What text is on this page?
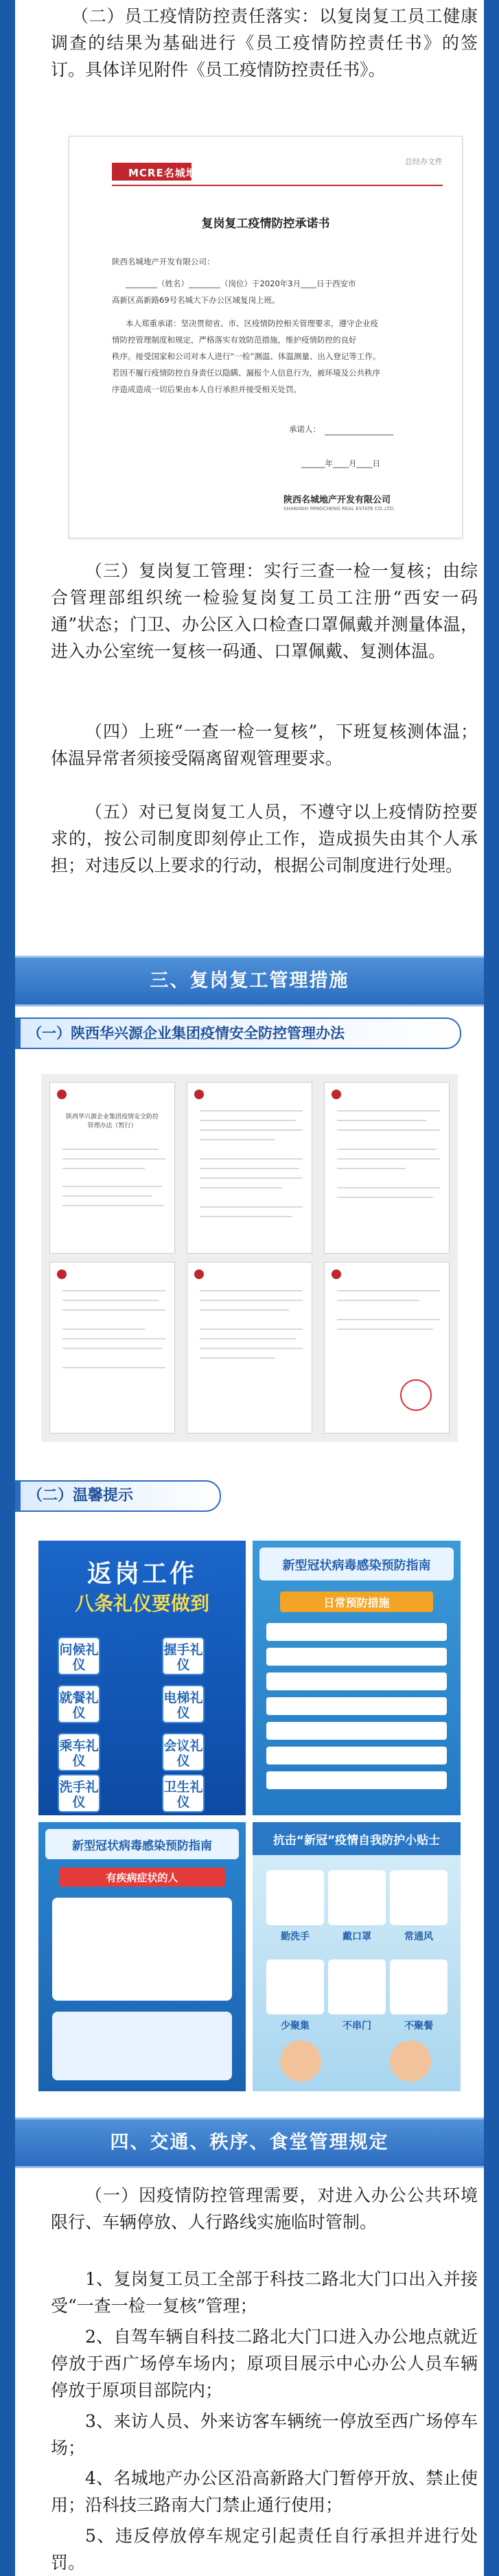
（二）员工疫情防控责任落实：以复岗复工员工健康调查的结果为基础进行《员工疫情防控责任书》的签订。具体详见附件《员工疫情防控责任书》。

总经办文件
MCRE名城地产
复岗复工疫情防控承诺书
陕西名城地产开发有限公司：
________（姓名）________（岗位）于2020年3月____日于西安市
高新区高新路69号名城大下办公区域复岗上班。
本人郑重承诺：坚决贯彻省、市、区疫情防控相关管理要求，遵守企业疫
情防控管理制度和规定，严格落实有效防范措施，维护疫情防控的良好
秩序。接受国家和公司对本人进行“一检”测温、体温测量、出入登记等工作。
若因不履行疫情防控自身责任以隐瞒、漏报个人信息行为，被环境及公共秩序
序造成造成一切后果由本人自行承担并接受相关处罚。
承诺人：
______年____月____日
陕西名城地产开发有限公司
SHANANXI MINGCHENG REAL ESTATE CO.,LTD.

（三）复岗复工管理：实行三查一检一复核；由综合管理部组织统一检验复岗复工员工注册“西安一码通”状态；门卫、办公区入口检查口罩佩戴并测量体温，进入办公室统一复核一码通、口罩佩戴、复测体温。

（四）上班“一查一检一复核”，下班复核测体温；体温异常者须接受隔离留观管理要求。

（五）对已复岗复工人员，不遵守以上疫情防控要求的，按公司制度即刻停止工作，造成损失由其个人承担；对违反以上要求的行动，根据公司制度进行处理。

三、复岗复工管理措施
（一）陕西华兴源企业集团疫情安全防控管理办法
陕西华兴源企业集团疫情安全防控管理办法（暂行）
（二）温馨提示
返岗工作
八条礼仪要做到
问候礼仪
握手礼仪
就餐礼仪
电梯礼仪
乘车礼仪
会议礼仪
洗手礼仪
卫生礼仪
新型冠状病毒感染预防指南
日常预防措施
新型冠状病毒感染预防指南
有疾病症状的人
抗击“新冠”疫情自我防护小贴士
勤洗手	戴口罩	常通风
少聚集	不串门	不聚餐
四、交通、秩序、食堂管理规定

（一）因疫情防控管理需要，对进入办公公共环境限行、车辆停放、人行路线实施临时管制。

1、复岗复工员工全部于科技二路北大门口出入并接受“一查一检一复核”管理；

2、自驾车辆自科技二路北大门口进入办公地点就近停放于西广场停车场内；原项目展示中心办公人员车辆停放于原项目部院内；

3、来访人员、外来访客车辆统一停放至西广场停车场；

4、名城地产办公区沿高新路大门暂停开放、禁止使用；沿科技三路南大门禁止通行使用；

5、违反停放停车规定引起责任自行承担并进行处罚。
